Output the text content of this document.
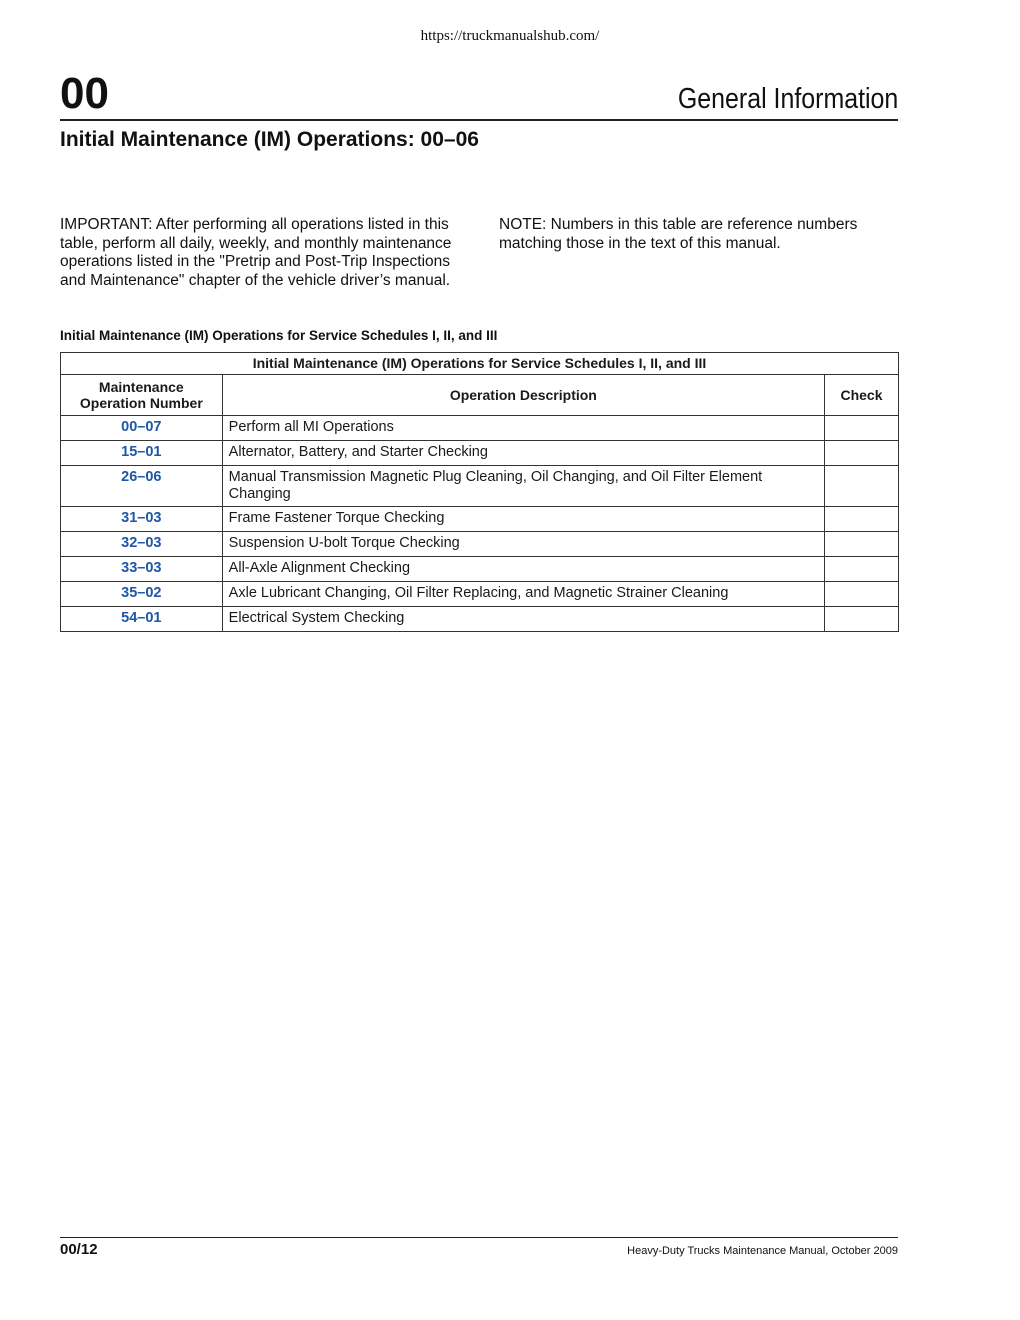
https://truckmanualshub.com/
00	General Information
Initial Maintenance (IM) Operations: 00–06
IMPORTANT: After performing all operations listed in this table, perform all daily, weekly, and monthly maintenance operations listed in the "Pretrip and Post-Trip Inspections and Maintenance" chapter of the vehicle driver’s manual.
NOTE: Numbers in this table are reference numbers matching those in the text of this manual.
Initial Maintenance (IM) Operations for Service Schedules I, II, and III
Initial Maintenance (IM) Operations for Service Schedules I, II, and III		
Maintenance
Operation Number	Operation Description	Check
00–07	Perform all MI Operations	
15–01	Alternator, Battery, and Starter Checking	
26–06	Manual Transmission Magnetic Plug Cleaning, Oil Changing, and Oil Filter Element Changing	
31–03	Frame Fastener Torque Checking	
32–03	Suspension U-bolt Torque Checking	
33–03	All-Axle Alignment Checking	
35–02	Axle Lubricant Changing, Oil Filter Replacing, and Magnetic Strainer Cleaning	
54–01	Electrical System Checking	
00/12	Heavy-Duty Trucks Maintenance Manual, October 2009
